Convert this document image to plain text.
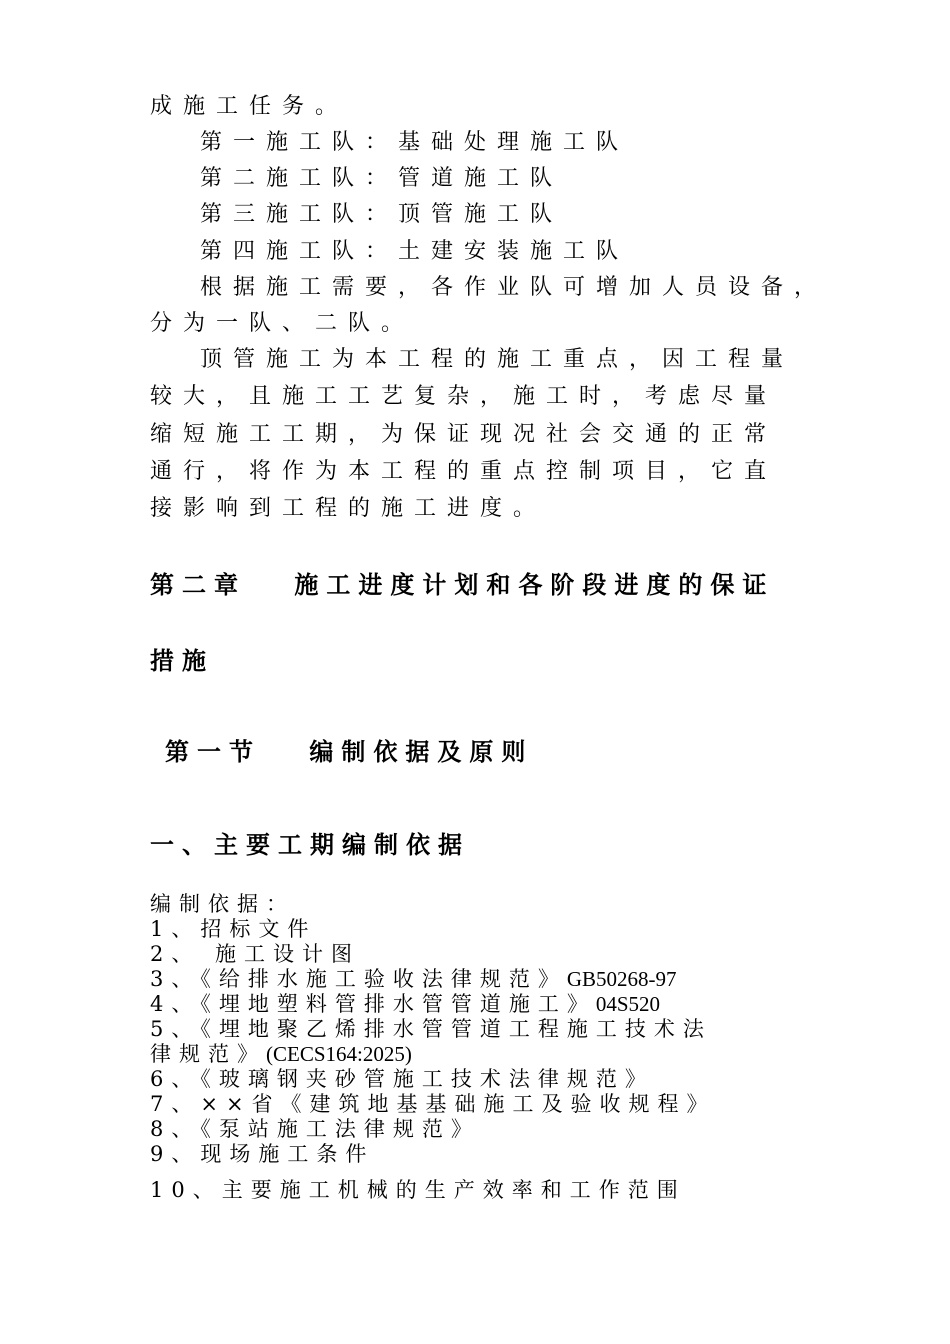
成施工任务。
第一施工队：基础处理施工队
第二施工队：管道施工队
第三施工队：顶管施工队
第四施工队：土建安装施工队
根据施工需要，各作业队可增加人员设备，
分为一队、二队。
顶管施工为本工程的施工重点，因工程量
较大，且施工工艺复杂，施工时，考虑尽量
缩短施工工期，为保证现况社会交通的正常
通行，将作为本工程的重点控制项目，它直
接影响到工程的施工进度。
第二章　 施工进度计划和各阶段进度的保证
措施
第一节　 编制依据及原则
一、主要工期编制依据
编制依据：
1、招标文件
2、 施工设计图
3、《给排水施工验收法律规范》GB50268-97
4、《埋地塑料管排水管管道施工》04S520
5、《埋地聚乙烯排水管管道工程施工技术法
律规范》(CECS164:2025)
6、《玻璃钢夹砂管施工技术法律规范》
7、××省《建筑地基基础施工及验收规程》
8、《泵站施工法律规范》
9、现场施工条件
10、主要施工机械的生产效率和工作范围
